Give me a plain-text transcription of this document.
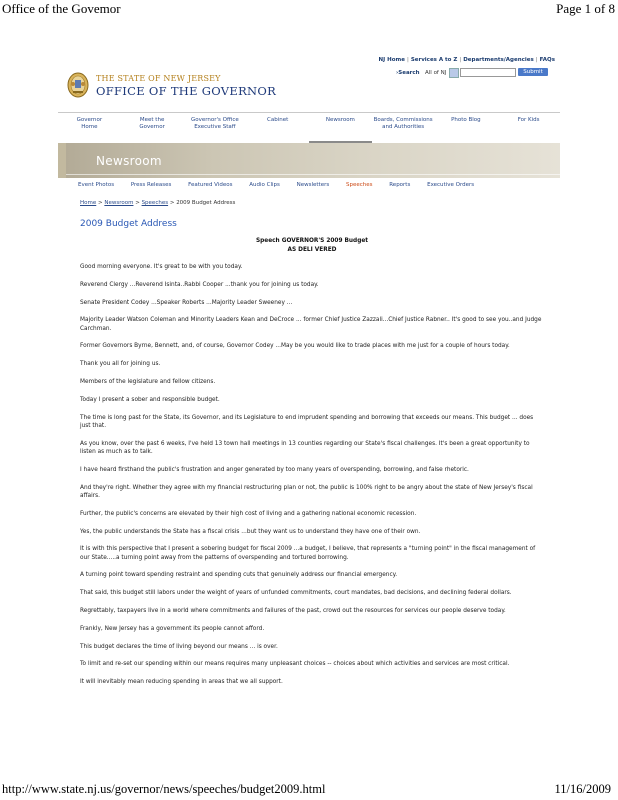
Office of the Govemor	Page 1 of 8
http://www.state.nj.us/governor/news/speeches/budget2009.html	11/16/2009
NJ Home | Services A to Z | Departments/Agencies | FAQs
›Search All of NJ	Submit
THE STATE OF NEW JERSEY
OFFICE OF THE GOVERNOR
Governor
Home
Meet the
Governor
Governor's Office
Executive Staff
Cabinet	Newsroom	Boards, Commissions
and Authorities
Photo Blog	For Kids
Newsroom
Event Photos	Press Releases	Featured Videos	Audio Clips	Newsletters	Speeches	Reports	Executive Orders
Home > Newsroom > Speeches > 2009 Budget Address
2009 Budget Address
Speech GOVERNOR'S 2009 Budget
AS DELI VERED

Good morning everyone. It's great to be with you today.

Reverend Clergy ...Reverend Isinta..Rabbi Cooper ...thank you for joining us today.

Senate President Codey ...Speaker Roberts ...Majority Leader Sweeney ...

Majority Leader Watson Coleman and Minority Leaders Kean and DeCroce ... former Chief Justice Zazzali...Chief Justice Rabner.. It's good to see you..and Judge Carchman.

Former Governors Byrne, Bennett, and, of course, Governor Codey ...May be you would like to trade places with me just for a couple of hours today.

Thank you all for joining us.

Members of the legislature and fellow citizens.

Today I present a sober and responsible budget.

The time is long past for the State, its Governor, and its Legislature to end imprudent spending and borrowing that exceeds our means. This budget ... does just that.

As you know, over the past 6 weeks, I've held 13 town hall meetings in 13 counties regarding our State's fiscal challenges. It's been a great opportunity to listen as much as to talk.

I have heard firsthand the public's frustration and anger generated by too many years of overspending, borrowing, and false rhetoric.

And they're right. Whether they agree with my financial restructuring plan or not, the public is 100% right to be angry about the state of New Jersey's fiscal affairs.

Further, the public's concerns are elevated by their high cost of living and a gathering national economic recession.

Yes, the public understands the State has a fiscal crisis ...but they want us to understand they have one of their own.

It is with this perspective that I present a sobering budget for fiscal 2009 ...a budget, I believe, that represents a "turning point" in the fiscal management of our State.....a turning point away from the patterns of overspending and tortured borrowing.

A turning point toward spending restraint and spending cuts that genuinely address our financial emergency.

That said, this budget still labors under the weight of years of unfunded commitments, court mandates, bad decisions, and declining federal dollars.

Regrettably, taxpayers live in a world where commitments and failures of the past, crowd out the resources for services our people deserve today.

Frankly, New Jersey has a government its people cannot afford.

This budget declares the time of living beyond our means ... is over.

To limit and re-set our spending within our means requires many unpleasant choices -- choices about which activities and services are most critical.

It will inevitably mean reducing spending in areas that we all support.
